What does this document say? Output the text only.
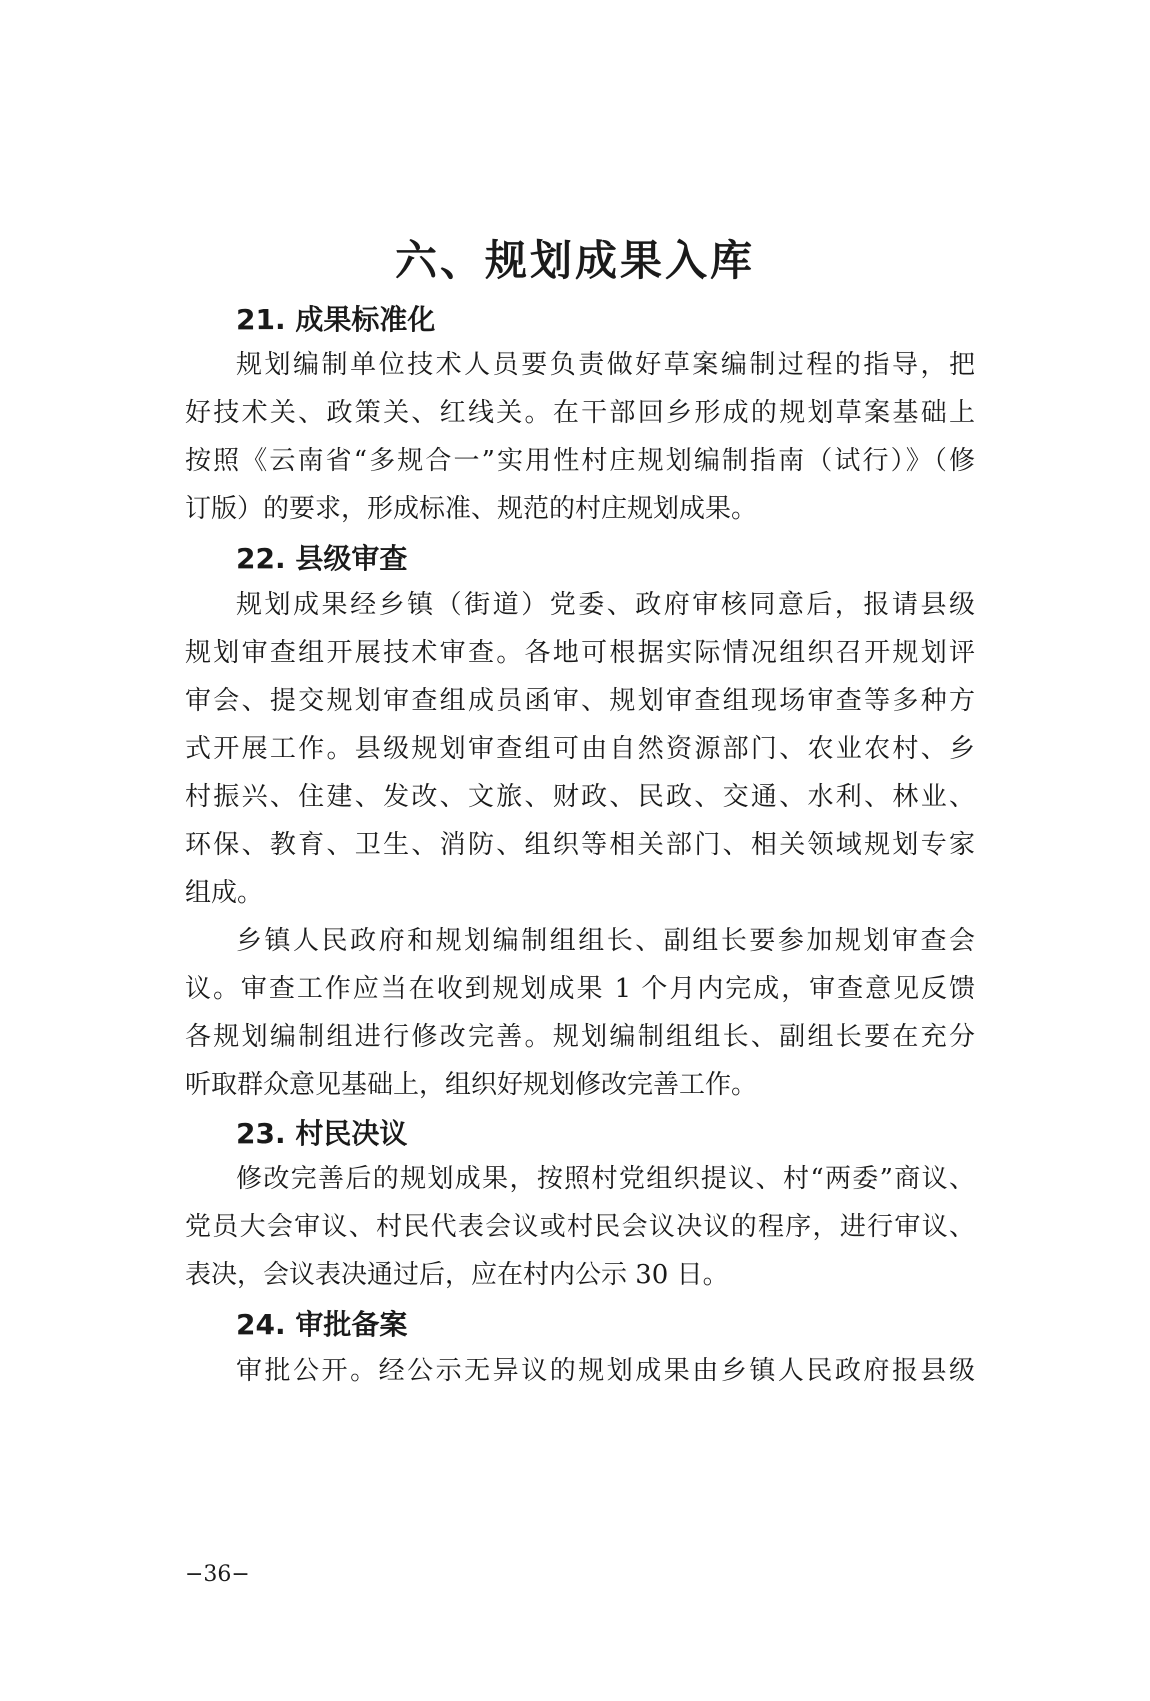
六、规划成果入库
21. 成果标准化
规划编制单位技术人员要负责做好草案编制过程的指导，把
好技术关、政策关、红线关。在干部回乡形成的规划草案基础上
按照《云南省“多规合一”实用性村庄规划编制指南（试行）》（修
订版）的要求，形成标准、规范的村庄规划成果。
22. 县级审查
规划成果经乡镇（街道）党委、政府审核同意后，报请县级
规划审查组开展技术审查。各地可根据实际情况组织召开规划评
审会、提交规划审查组成员函审、规划审查组现场审查等多种方
式开展工作。县级规划审查组可由自然资源部门、农业农村、乡
村振兴、住建、发改、文旅、财政、民政、交通、水利、林业、
环保、教育、卫生、消防、组织等相关部门、相关领域规划专家
组成。
乡镇人民政府和规划编制组组长、副组长要参加规划审查会
议。审查工作应当在收到规划成果 1 个月内完成，审查意见反馈
各规划编制组进行修改完善。规划编制组组长、副组长要在充分
听取群众意见基础上，组织好规划修改完善工作。
23. 村民决议
修改完善后的规划成果，按照村党组织提议、村“两委”商议、
党员大会审议、村民代表会议或村民会议决议的程序，进行审议、
表决，会议表决通过后，应在村内公示 30 日。
24. 审批备案
审批公开。经公示无异议的规划成果由乡镇人民政府报县级
−36−
